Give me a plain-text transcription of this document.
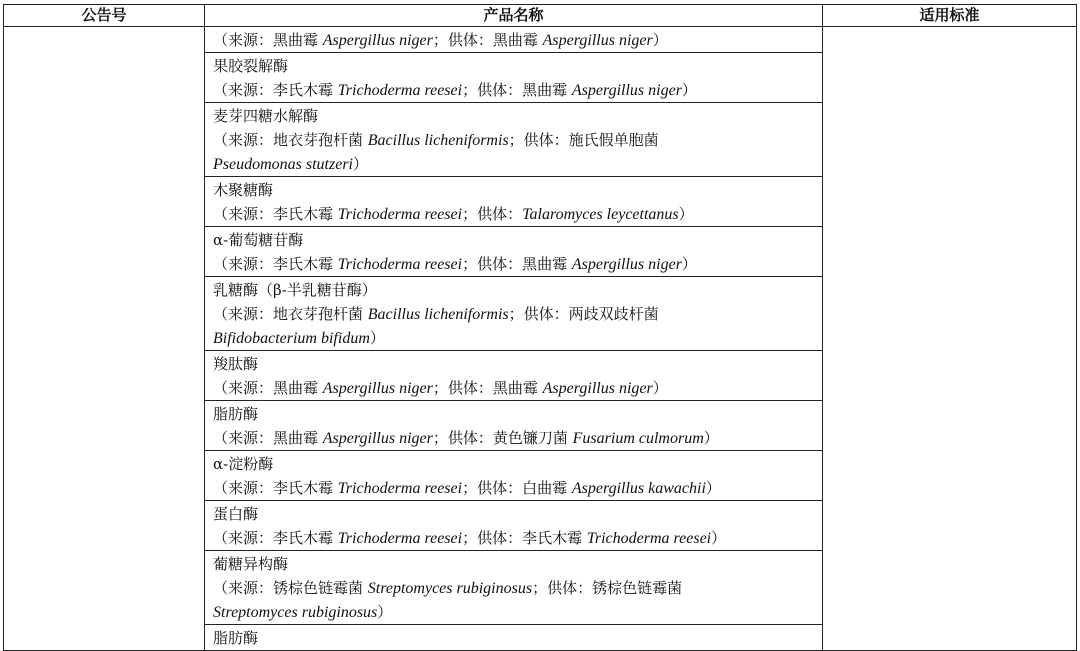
公告号	产品名称	适用标准

	（来源：黑曲霉 Aspergillus niger；供体：黑曲霉 Aspergillus niger）	

	果胶裂解酶
（来源：李氏木霉 Trichoderma reesei；供体：黑曲霉 Aspergillus niger）	

	麦芽四糖水解酶
（来源：地衣芽孢杆菌 Bacillus licheniformis；供体：施氏假单胞菌
Pseudomonas stutzeri）	

	木聚糖酶
（来源：李氏木霉 Trichoderma reesei；供体：Talaromyces leycettanus）	

	α-葡萄糖苷酶
（来源：李氏木霉 Trichoderma reesei；供体：黑曲霉 Aspergillus niger）	

	乳糖酶（β-半乳糖苷酶）
（来源：地衣芽孢杆菌 Bacillus licheniformis；供体：两歧双歧杆菌
Bifidobacterium bifidum）	

	羧肽酶
（来源：黑曲霉 Aspergillus niger；供体：黑曲霉 Aspergillus niger）	

	脂肪酶
（来源：黑曲霉 Aspergillus niger；供体：黄色镰刀菌 Fusarium culmorum）	

	α-淀粉酶
（来源：李氏木霉 Trichoderma reesei；供体：白曲霉 Aspergillus kawachii）	

	蛋白酶
（来源：李氏木霉 Trichoderma reesei；供体：李氏木霉 Trichoderma reesei）	

	葡糖异构酶
（来源：锈棕色链霉菌 Streptomyces rubiginosus；供体：锈棕色链霉菌
Streptomyces rubiginosus）	

	脂肪酶	
